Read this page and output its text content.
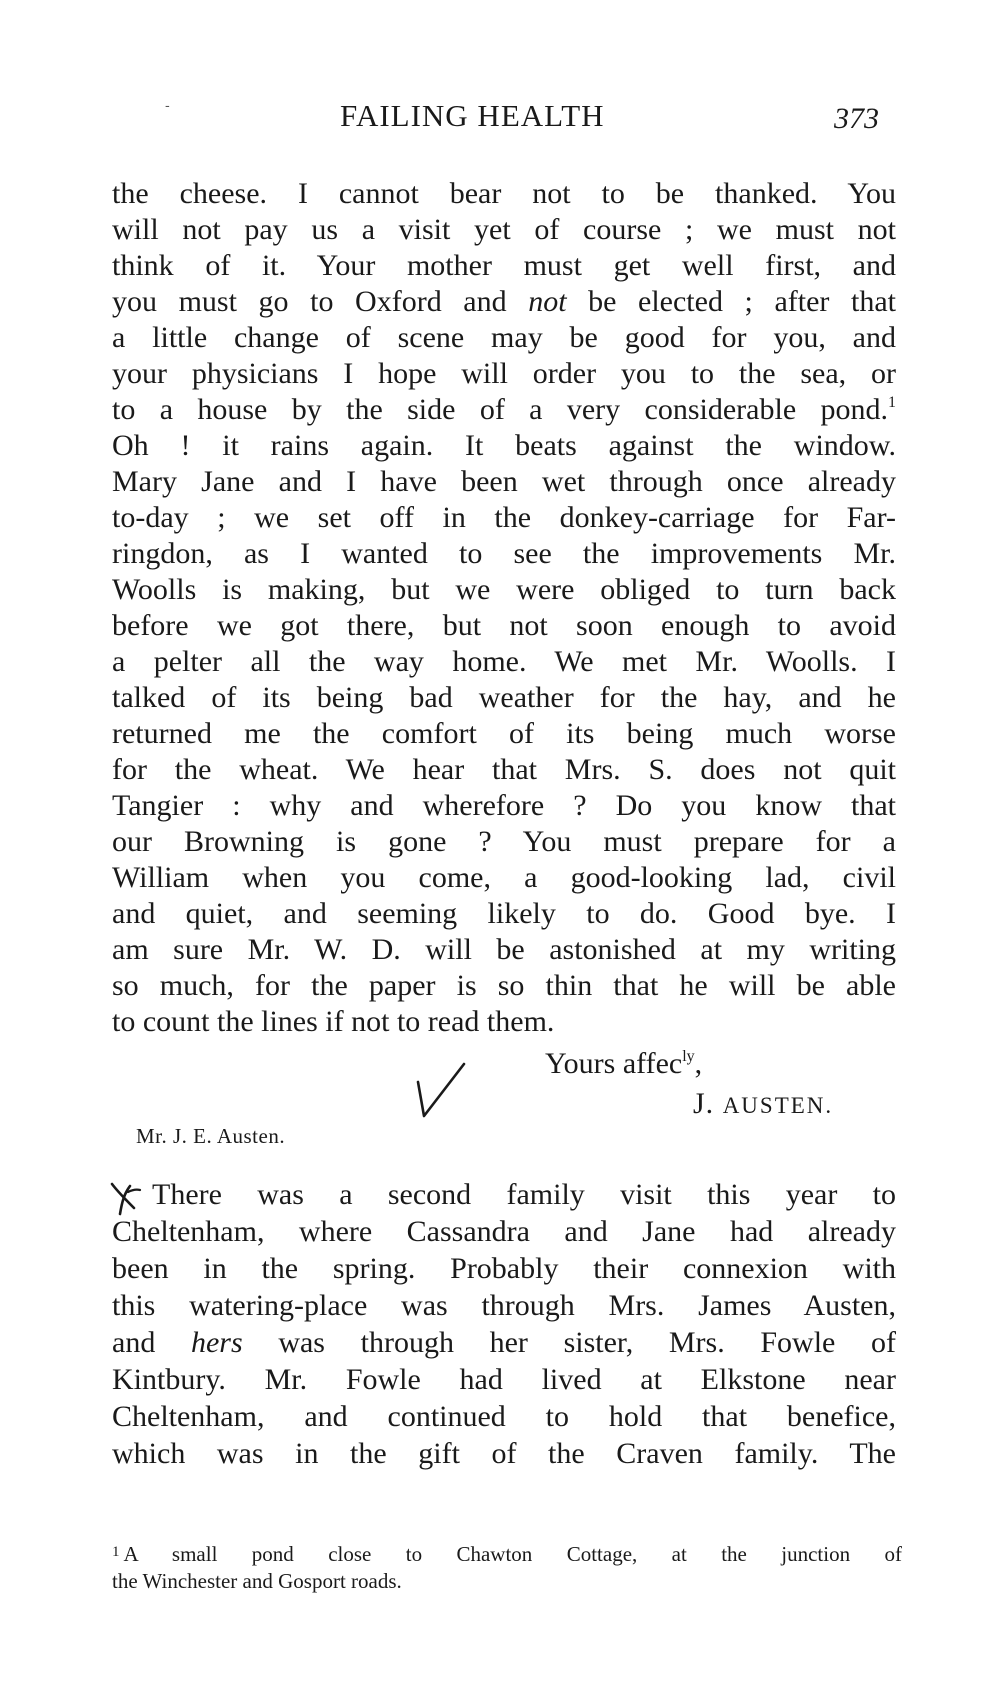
-	FAILING HEALTH	373
the cheese. I cannot bear not to be thanked. You
will not pay us a visit yet of course ; we must not
think of it. Your mother must get well first, and
you must go to Oxford and not be elected ; after that
a little change of scene may be good for you, and
your physicians I hope will order you to the sea, or
to a house by the side of a very considerable pond.$^1$
Oh ! it rains again. It beats against the window.
Mary Jane and I have been wet through once already
to-day ; we set off in the donkey-carriage for Far-
ringdon, as I wanted to see the improvements Mr.
Woolls is making, but we were obliged to turn back
before we got there, but not soon enough to avoid
a pelter all the way home. We met Mr. Woolls. I
talked of its being bad weather for the hay, and he
returned me the comfort of its being much worse
for the wheat. We hear that Mrs. S. does not quit
Tangier : why and wherefore ? Do you know that
our Browning is gone ? You must prepare for a
William when you come, a good-looking lad, civil
and quiet, and seeming likely to do. Good bye. I
am sure Mr. W. D. will be astonished at my writing
so much, for the paper is so thin that he will be able
to count the lines if not to read them.
Yours affec$^{ly}$,
J. AUSTEN.
Mr. J. E. Austen.
There was a second family visit this year to
Cheltenham, where Cassandra and Jane had already
been in the spring. Probably their connexion with
this watering-place was through Mrs. James Austen,
and hers was through her sister, Mrs. Fowle of
Kintbury. Mr. Fowle had lived at Elkstone near
Cheltenham, and continued to hold that benefice,
which was in the gift of the Craven family. The
$^1$ A small pond close to Chawton Cottage, at the junction of
the Winchester and Gosport roads.
